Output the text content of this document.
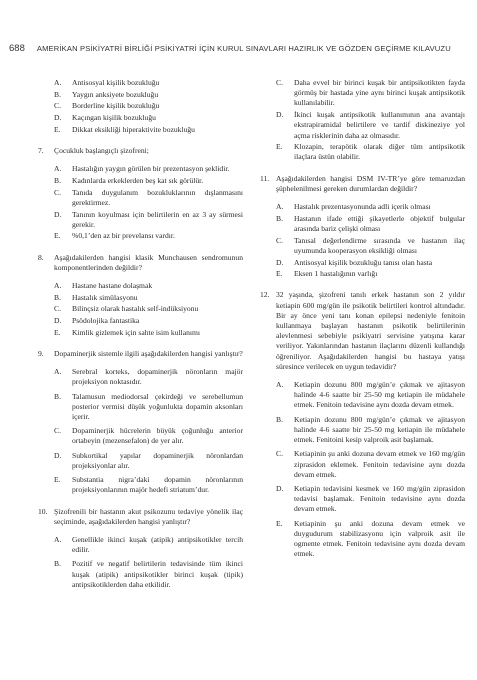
688 AMERİKAN PSİKİYATRİ BİRLİĞİ PSİKİYATRİ İÇİN KURUL SINAVLARI HAZIRLIK VE GÖZDEN GEÇİRME KILAVUZU
A. Antisosyal kişilik bozukluğu
B. Yaygın anksiyete bozukluğu
C. Borderline kişilik bozukluğu
D. Kaçıngan kişilik bozukluğu
E. Dikkat eksikliği hiperaktivite bozukluğu
7. Çocukluk başlangıçlı şizofreni;
A. Hastalığın yaygın görülen bir prezentasyon şeklidir.
B. Kadınlarda erkeklerden beş kat sık görülür.
C. Tanıda duygulanım bozukluklarının dışlanmasını gerektirmez.
D. Tanının koyulması için belirtilerin en az 3 ay sürmesi gerekir.
E. %0,1’den az bir prevelansı vardır.
8. Aşağıdakilerden hangisi klasik Munchausen sendromunun komponentlerinden değildir?
A. Hastane hastane dolaşmak
B. Hastalık simülasyonu
C. Bilinçsiz olarak hastalık self-indüksiyonu
D. Psödolojika fantastika
E. Kimlik gizlemek için sahte isim kullanımı
9. Dopaminerjik sistemle ilgili aşağıdakilerden hangisi yanlıştır?
A. Serebral korteks, dopaminerjik nöronların majör projeksiyon noktasıdır.
B. Talamusun mediodorsal çekirdeği ve serebellumun posterior vermisi düşük yoğunlukta dopamin aksonları içerir.
C. Dopaminerjik hücrelerin büyük çoğunluğu anterior ortabeyin (mezensefalon) de yer alır.
D. Subkortikal yapılar dopaminerjik nöronlardan projeksiyonlar alır.
E. Substantia nigra’daki dopamin nöronlarının projeksiyonlarının majör hedefi striatum’dur.
10. Şizofrenili bir hastanın akut psikozunu tedaviye yönelik ilaç seçiminde, aşağıdakilerden hangisi yanlıştır?
A. Genellikle ikinci kuşak (atipik) antipsikotikler tercih edilir.
B. Pozitif ve negatif belirtilerin tedavisinde tüm ikinci kuşak (atipik) antipsikotikler birinci kuşak (tipik) antipsikotiklerden daha etkilidir.
C. Daha evvel bir birinci kuşak bir antipsikotikten fayda görmüş bir hastada yine aynı birinci kuşak antipsikotik kullanılabilir.
D. İkinci kuşak antipsikotik kullanımının ana avantajı ekstrapiramidal belirtilere ve tardif diskineziye yol açma risklerinin daha az olmasıdır.
E. Klozapin, terapötik olarak diğer tüm antipsikotik ilaçlara üstün olabilir.
11. Aşağıdakilerden hangisi DSM IV-TR’ye göre temaruzdan şüphelenilmesi gereken durumlardan değildir?
A. Hastalık prezentasyonunda adli içerik olması
B. Hastanın ifade ettiği şikayetlerle objektif bulgular arasında bariz çelişki olması
C. Tanısal değerlendirme sırasında ve hastanın ilaç uyumunda kooperasyon eksikliği olması
D. Antisosyal kişilik bozukluğu tanısı olan hasta
E. Eksen 1 hastalığının varlığı
12. 32 yaşında, şizofreni tanılı erkek hastanın son 2 yıldır ketiapin 600 mg/gün ile psikotik belirtileri kontrol altındadır. Bir ay önce yeni tanı konan epilepsi nedeniyle fenitoin kullanmaya başlayan hastanın psikotik belirtilerinin alevlenmesi sebebiyle psikiyatri servisine yatışına karar veriliyor. Yakınlarından hastanın ilaçlarını düzenli kullandığı öğreniliyor. Aşağıdakilerden hangisi bu hastaya yatışı süresince verilecek en uygun tedavidir?
A. Ketiapin dozunu 800 mg/gün’e çıkmak ve ajitasyon halinde 4-6 saatte bir 25-50 mg ketiapin ile müdahele etmek. Fenitoin tedavisine aynı dozda devam etmek.
B. Ketiapin dozunu 800 mg/gün’e çıkmak ve ajitasyon halinde 4-6 saatte bir 25-50 mg ketiapin ile müdahele etmek. Fenitoini kesip valproik asit başlamak.
C. Ketiapinin şu anki dozuna devam etmek ve 160 mg/gün ziprasidon eklemek. Fenitoin tedavisine aynı dozda devam etmek.
D. Ketiapin tedavisini kesmek ve 160 mg/gün ziprasidon tedavisi başlamak. Fenitoin tedavisine aynı dozda devam etmek.
E. Ketiapinin şu anki dozuna devam etmek ve duygudurum stabilizasyonu için valproik asit ile ogmente etmek. Fenitoin tedavisine aynı dozda devam etmek.
